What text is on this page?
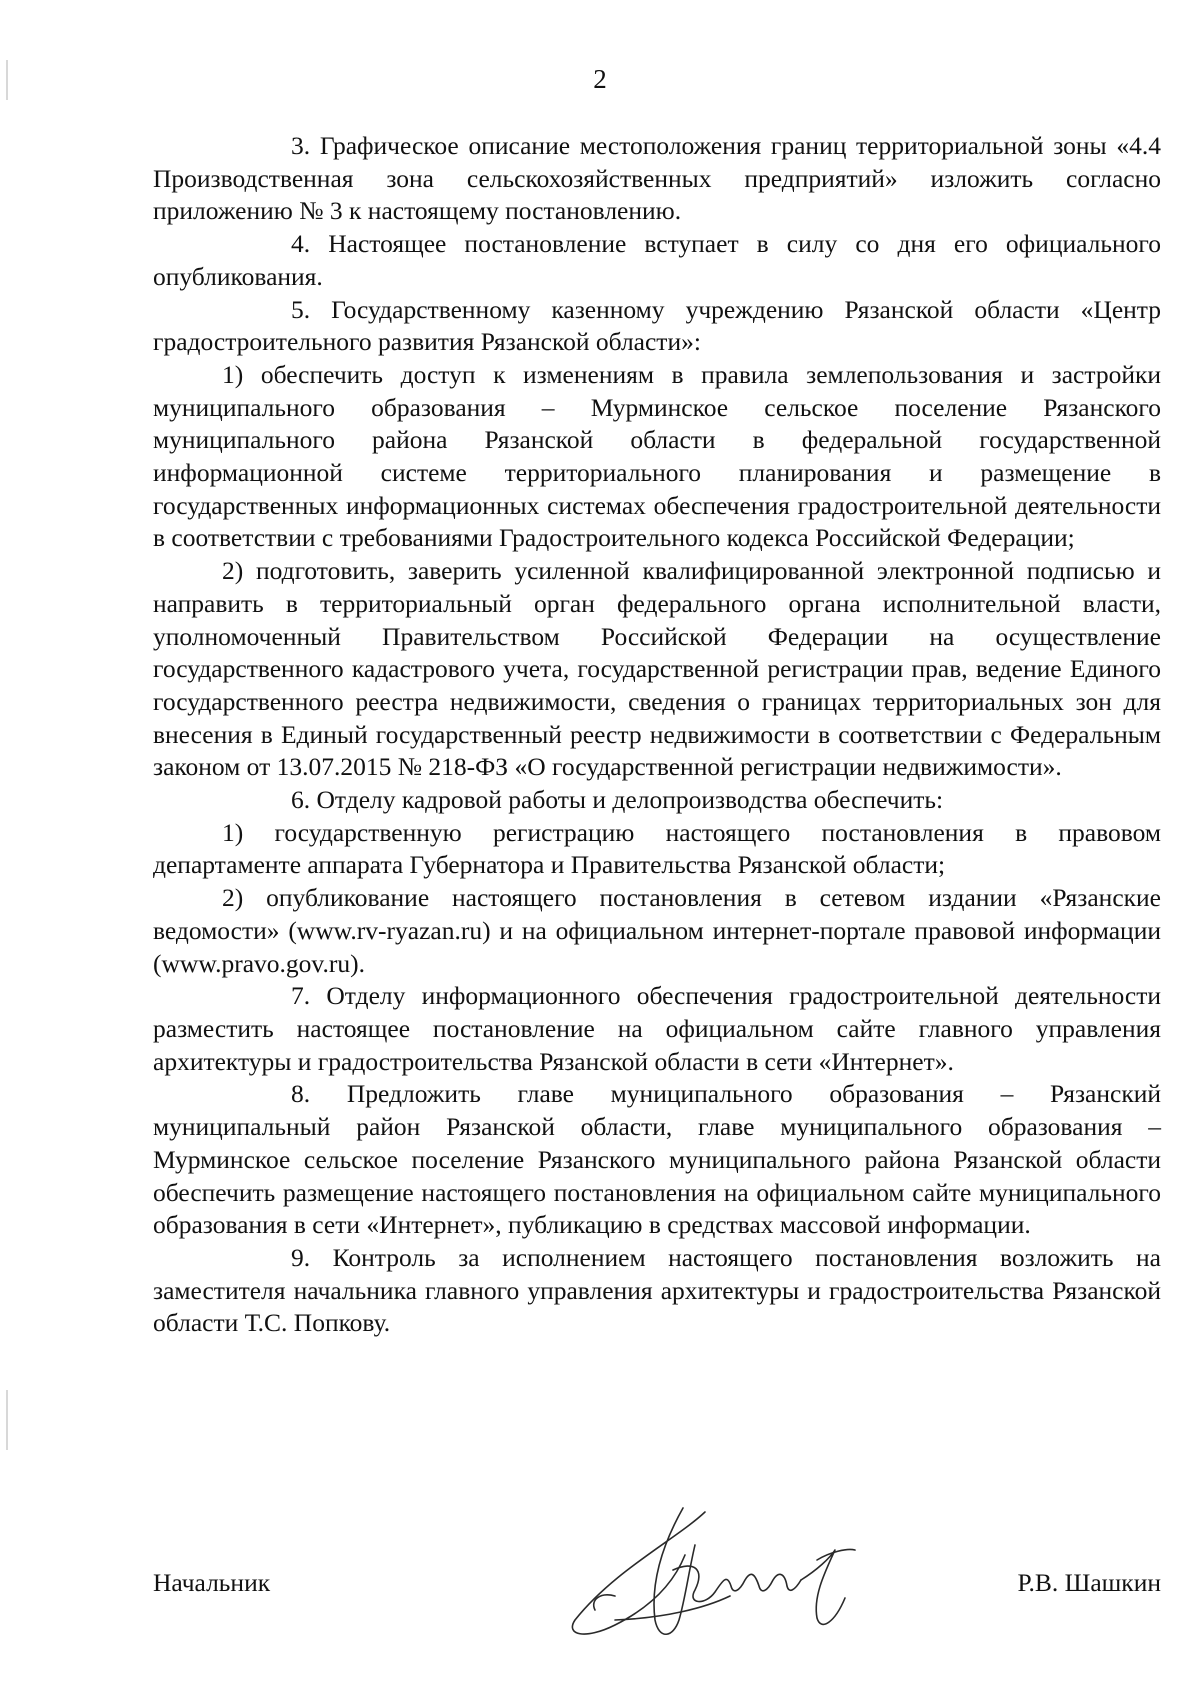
2

3. Графическое описание местоположения границ территориальной зоны «4.4 Производственная зона сельскохозяйственных предприятий» изложить согласно приложению № 3 к настоящему постановлению.

4. Настоящее постановление вступает в силу со дня его официального опубликования.

5. Государственному казенному учреждению Рязанской области «Центр градостроительного развития Рязанской области»:

1) обеспечить доступ к изменениям в правила землепользования и застройки муниципального образования – Мурминское сельское поселение Рязанского муниципального района Рязанской области в федеральной государственной информационной системе территориального планирования и размещение в государственных информационных системах обеспечения градостроительной деятельности в соответствии с требованиями Градостроительного кодекса Российской Федерации;

2) подготовить, заверить усиленной квалифицированной электронной подписью и направить в территориальный орган федерального органа исполнительной власти, уполномоченный Правительством Российской Федерации на осуществление государственного кадастрового учета, государственной регистрации прав, ведение Единого государственного реестра недвижимости, сведения о границах территориальных зон для внесения в Единый государственный реестр недвижимости в соответствии с Федеральным законом от 13.07.2015 № 218-ФЗ «О государственной регистрации недвижимости».

6. Отделу кадровой работы и делопроизводства обеспечить:

1) государственную регистрацию настоящего постановления в правовом департаменте аппарата Губернатора и Правительства Рязанской области;

2) опубликование настоящего постановления в сетевом издании «Рязанские ведомости» (www.rv-ryazan.ru) и на официальном интернет-портале правовой информации (www.pravo.gov.ru).

7. Отделу информационного обеспечения градостроительной деятельности разместить настоящее постановление на официальном сайте главного управления архитектуры и градостроительства Рязанской области в сети «Интернет».

8. Предложить главе муниципального образования – Рязанский муниципальный район Рязанской области, главе муниципального образования – Мурминское сельское поселение Рязанского муниципального района Рязанской области обеспечить размещение настоящего постановления на официальном сайте муниципального образования в сети «Интернет», публикацию в средствах массовой информации.

9. Контроль за исполнением настоящего постановления возложить на заместителя начальника главного управления архитектуры и градостроительства Рязанской области Т.С. Попкову.

Начальник	Р.В. Шашкин
